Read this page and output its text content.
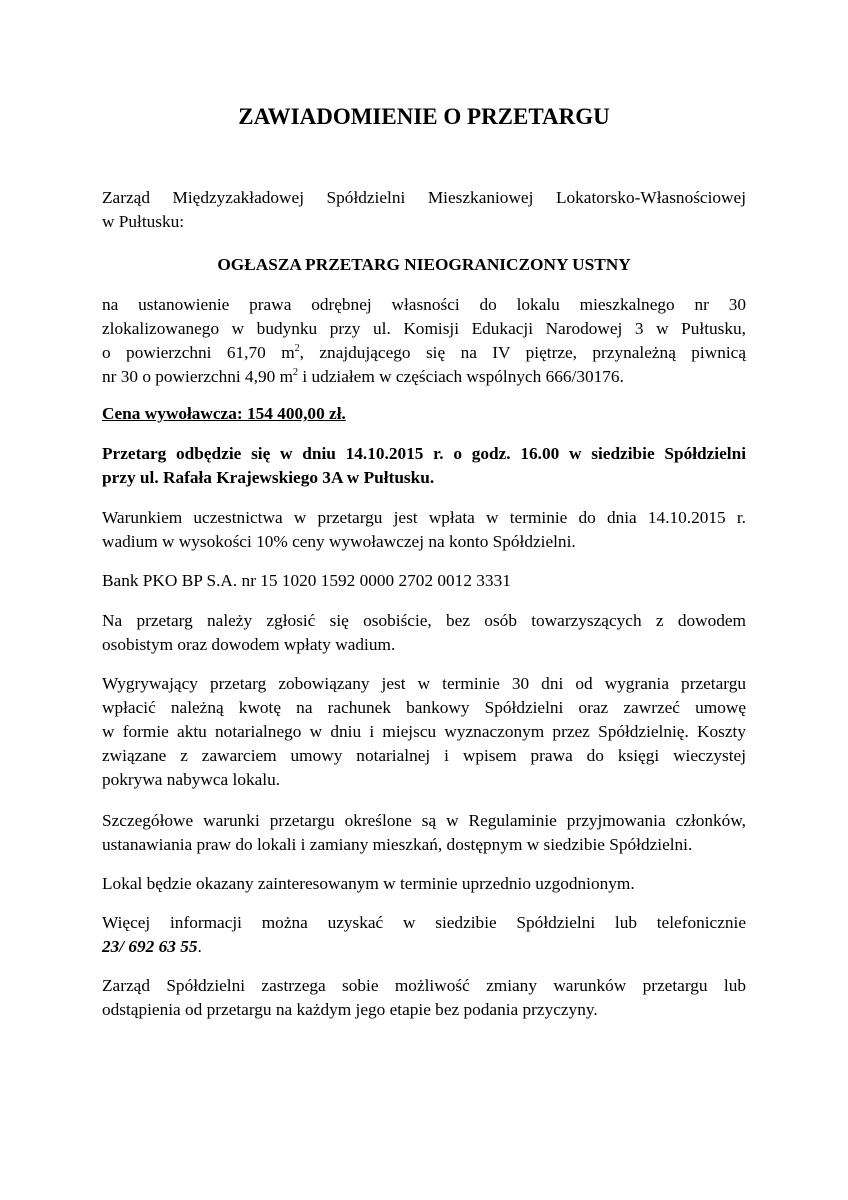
ZAWIADOMIENIE O PRZETARGU

Zarząd Międzyzakładowej Spółdzielni Mieszkaniowej Lokatorsko-Własnościowej
w Pułtusku:

OGŁASZA PRZETARG NIEOGRANICZONY USTNY

na ustanowienie prawa odrębnej własności do lokalu mieszkalnego nr 30
zlokalizowanego w budynku przy ul. Komisji Edukacji Narodowej 3 w Pułtusku,
o powierzchni 61,70 $m^2$, znajdującego się na IV piętrze, przynależną piwnicą
nr 30 o powierzchni 4,90 $m^2$ i udziałem w częściach wspólnych 666/30176.

Cena wywoławcza: 154 400,00 zł.

Przetarg odbędzie się w dniu 14.10.2015 r. o godz. 16.00 w siedzibie Spółdzielni
przy ul. Rafała Krajewskiego 3A w Pułtusku.

Warunkiem uczestnictwa w przetargu jest wpłata w terminie do dnia 14.10.2015 r.
wadium w wysokości 10% ceny wywoławczej na konto Spółdzielni.

Bank PKO BP S.A. nr 15 1020 1592 0000 2702 0012 3331

Na przetarg należy zgłosić się osobiście, bez osób towarzyszących z dowodem
osobistym oraz dowodem wpłaty wadium.

Wygrywający przetarg zobowiązany jest w terminie 30 dni od wygrania przetargu
wpłacić należną kwotę na rachunek bankowy Spółdzielni oraz zawrzeć umowę
w formie aktu notarialnego w dniu i miejscu wyznaczonym przez Spółdzielnię. Koszty
związane z zawarciem umowy notarialnej i wpisem prawa do księgi wieczystej
pokrywa nabywca lokalu.

Szczegółowe warunki przetargu określone są w Regulaminie przyjmowania członków,
ustanawiania praw do lokali i zamiany mieszkań, dostępnym w siedzibie Spółdzielni.

Lokal będzie okazany zainteresowanym w terminie uprzednio uzgodnionym.

Więcej informacji można uzyskać w siedzibie Spółdzielni lub telefonicznie
23/ 692 63 55.

Zarząd Spółdzielni zastrzega sobie możliwość zmiany warunków przetargu lub
odstąpienia od przetargu na każdym jego etapie bez podania przyczyny.
